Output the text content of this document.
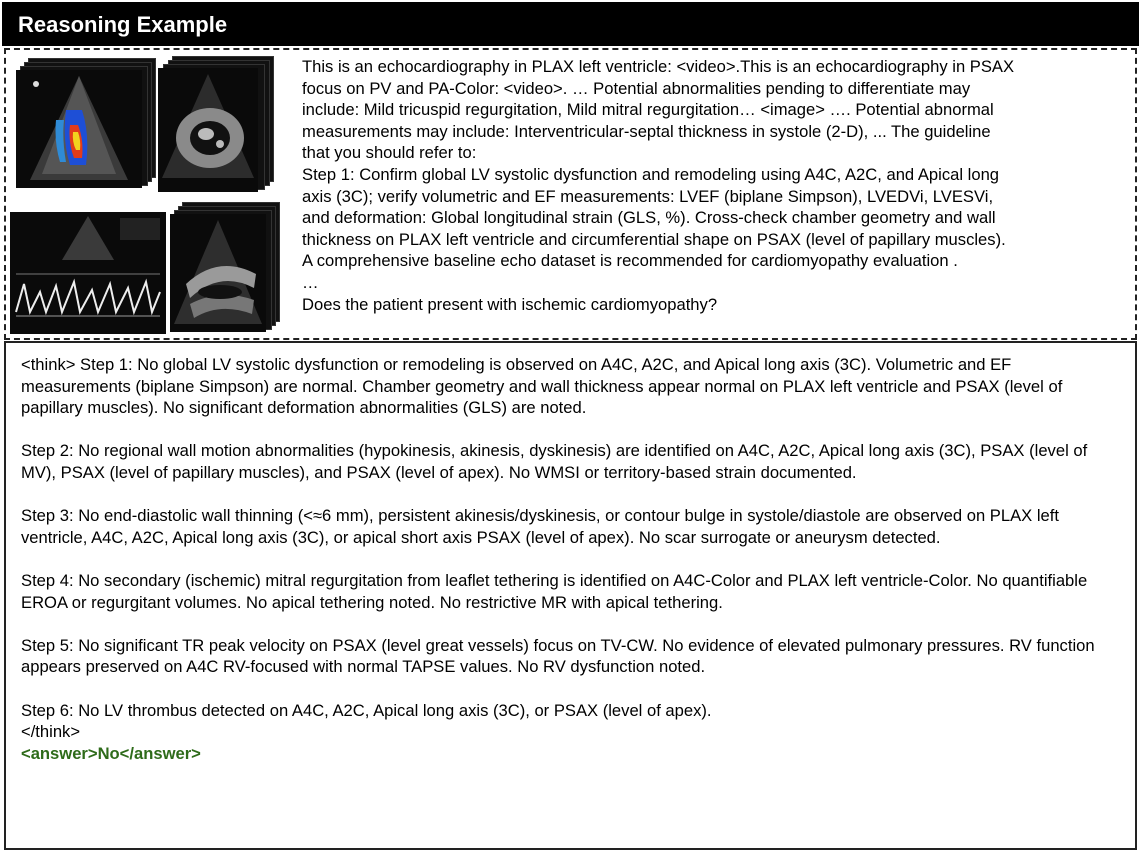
Reasoning Example

This is an echocardiography in PLAX left ventricle: <video>.This is an echocardiography in PSAX

focus on PV and PA-Color: <video>. … Potential abnormalities pending to differentiate may

include: Mild tricuspid regurgitation, Mild mitral regurgitation… <image> …. Potential abnormal

measurements may include: Interventricular-septal thickness in systole (2-D), ... The guideline

that you should refer to:

Step 1: Confirm global LV systolic dysfunction and remodeling using A4C, A2C, and Apical long

axis (3C); verify volumetric and EF measurements: LVEF (biplane Simpson), LVEDVi, LVESVi,

and deformation: Global longitudinal strain (GLS, %). Cross-check chamber geometry and wall

thickness on PLAX left ventricle and circumferential shape on PSAX (level of papillary muscles).

A comprehensive baseline echo dataset is recommended for cardiomyopathy evaluation .

…

Does the patient present with ischemic cardiomyopathy?

<think> Step 1: No global LV systolic dysfunction or remodeling is observed on A4C, A2C, and Apical long axis (3C). Volumetric and EF measurements (biplane Simpson) are normal. Chamber geometry and wall thickness appear normal on PLAX left ventricle and PSAX (level of papillary muscles). No significant deformation abnormalities (GLS) are noted.

Step 2: No regional wall motion abnormalities (hypokinesis, akinesis, dyskinesis) are identified on A4C, A2C, Apical long axis (3C), PSAX (level of MV), PSAX (level of papillary muscles), and PSAX (level of apex). No WMSI or territory-based strain documented.

Step 3: No end-diastolic wall thinning (<≈6 mm), persistent akinesis/dyskinesis, or contour bulge in systole/diastole are observed on PLAX left ventricle, A4C, A2C, Apical long axis (3C), or apical short axis PSAX (level of apex). No scar surrogate or aneurysm detected.

Step 4: No secondary (ischemic) mitral regurgitation from leaflet tethering is identified on A4C-Color and PLAX left ventricle-Color. No quantifiable EROA or regurgitant volumes. No apical tethering noted. No restrictive MR with apical tethering.

Step 5: No significant TR peak velocity on PSAX (level great vessels) focus on TV-CW. No evidence of elevated pulmonary pressures. RV function appears preserved on A4C RV-focused with normal TAPSE values. No RV dysfunction noted.

Step 6: No LV thrombus detected on A4C, A2C, Apical long axis (3C), or PSAX (level of apex).

</think>

<answer>No</answer>
